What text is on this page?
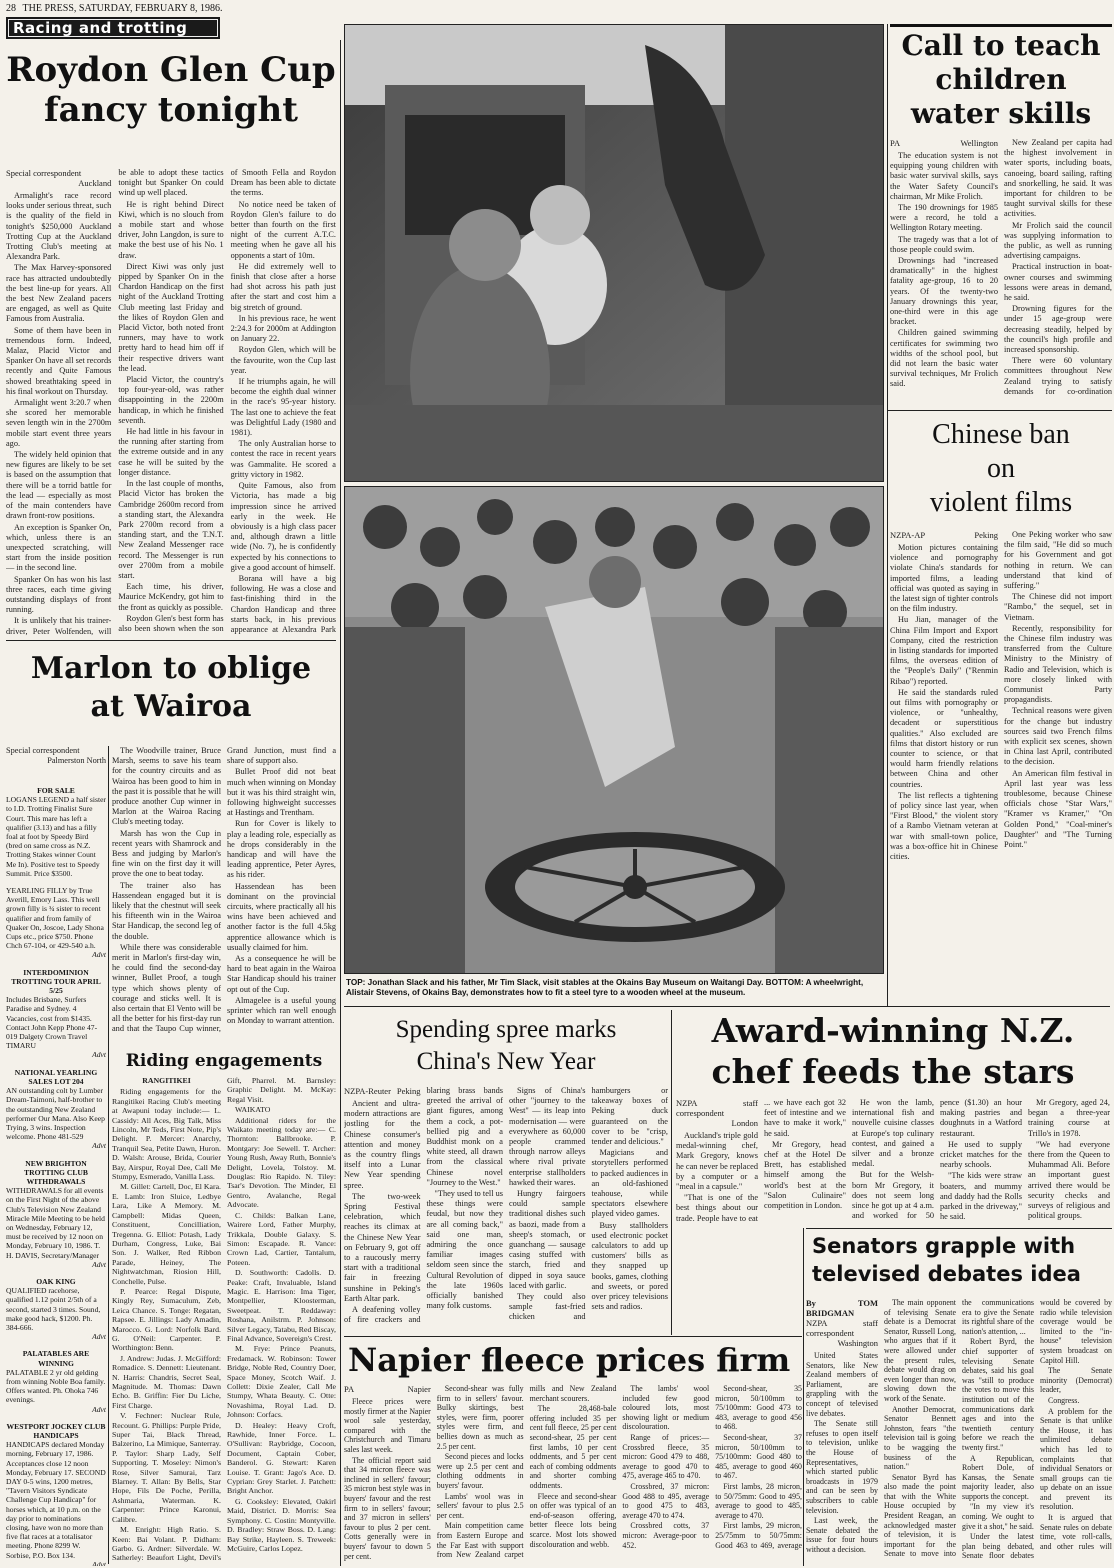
28 THE PRESS, SATURDAY, FEBRUARY 8, 1986.
Racing and trotting
Roydon Glen Cup
fancy tonight
Special correspondent
Auckland

Armalight's race record looks under serious threat, such is the quality of the field in tonight's $250,000 Auckland Trotting Cup at the Auckland Trotting Club's meeting at Alexandra Park.

The Max Harvey-sponsored race has attracted undoubtedly the best line-up for years. All the best New Zealand pacers are engaged, as well as Quite Famous from Australia.

Some of them have been in tremendous form. Indeed, Malaz, Placid Victor and Spanker On have all set records recently and Quite Famous showed breathtaking speed in his final workout on Thursday.

Armalight went 3:20.7 when she scored her memorable seven length win in the 2700m mobile start event three years ago.

The widely held opinion that new figures are likely to be set is based on the assumption that there will be a torrid battle for the lead — especially as most of the main contenders have drawn front-row positions.

An exception is Spanker On, which, unless there is an unexpected scratching, will start from the inside position — in the second line.

Spanker On has won his last three races, each time giving outstanding displays of front running.

It is unlikely that his trainer-driver, Peter Wolfenden, will be able to adopt these tactics tonight but Spanker On could wind up well placed.

He is right behind Direct Kiwi, which is no slouch from a mobile start and whose driver, John Langdon, is sure to make the best use of his No. 1 draw.

Direct Kiwi was only just pipped by Spanker On in the Chardon Handicap on the first night of the Auckland Trotting Club meeting last Friday and the likes of Roydon Glen and Placid Victor, both noted front runners, may have to work pretty hard to head him off if their respective drivers want the lead.

Placid Victor, the country's top four-year-old, was rather disappointing in the 2200m handicap, in which he finished seventh.

He had little in his favour in the running after starting from the extreme outside and in any case he will be suited by the longer distance.

In the last couple of months, Placid Victor has broken the Cambridge 2600m record from a standing start, the Alexandra Park 2700m record from a standing start, and the T.N.T. New Zealand Messenger race record. The Messenger is run over 2700m from a mobile start.

Each time, his driver, Maurice McKendry, got him to the front as quickly as possible.

Roydon Glen's best form has also been shown when the son of Smooth Fella and Roydon Dream has been able to dictate the terms.

No notice need be taken of Roydon Glen's failure to do better than fourth on the first night of the current A.T.C. meeting when he gave all his opponents a start of 10m.

He did extremely well to finish that close after a horse had shot across his path just after the start and cost him a big stretch of ground.

In his previous race, he went 2:24.3 for 2000m at Addington on January 22.

Roydon Glen, which will be the favourite, won the Cup last year.

If he triumphs again, he will become the eighth dual winner in the race's 95-year history. The last one to achieve the feat was Delightful Lady (1980 and 1981).

The only Australian horse to contest the race in recent years was Gammalite. He scored a gritty victory in 1982.

Quite Famous, also from Victoria, has made a big impression since he arrived early in the week. He obviously is a high class pacer and, although drawn a little wide (No. 7), he is confidently expected by his connections to give a good account of himself.

Borana will have a big following. He was a close and fast-finishing third in the Chardon Handicap and three starts back, in his previous appearance at Alexandra Park

Marlon to oblige
at Wairoa
Special correspondent
Palmerston North
FOR SALE
LOGANS LEGEND a half sister to I.D. Trotting Finalist Sure Court. This mare has left a qualifier (3.13) and has a filly foal at foot by Speedy Bird (bred on same cross as N.Z. Trotting Stakes winner Count Me In). Positive test to Speedy Summit. Price $3500.
YEARLING FILLY by True Averill, Emory Lass. This well grown filly is ¾ sister to recent qualifier and from family of Quaker On, Joscoe, Lady Shona Cups etc., price $750. Phone Chch 67-104, or 429-540 a.h.
Advt
INTERDOMINION TROTTING TOUR APRIL 5/25
Includes Brisbane, Surfers Paradise and Sydney. 4 Vacancies, cost from $1435. Contact John Kepp Phone 47-019 Dalgety Crown Travel TIMARU
Advt
NATIONAL YEARLING SALES LOT 204
AN outstanding colt by Lumber Dream-Taimoni, half-brother to the outstanding New Zealand performer Our Mana. Also Keep Trying, 3 wins. Inspection welcome. Phone 481-529
Advt
NEW BRIGHTON TROTTING CLUB WITHDRAWALS
WITHDRAWALS for all events on the First Night of the above Club's Television New Zealand Miracle Mile Meeting to be held on Wednesday, February 12, must be received by 12 noon on Monday, February 10, 1986. T. H. DAVIS, Secretary/Manager
Advt
OAK KING
QUALIFIED racehorse, qualified 1.12 point 2/5th of a second, started 3 times. Sound, make good hack, $1200. Ph. 384-666.
Advt
PALATABLES ARE WINNING
PALATABLE 2 yr old gelding from winning Noble Boa family. Offers wanted. Ph. Ohoka 746 evenings.
Advt
WESTPORT JOCKEY CLUB HANDICAPS
HANDICAPS declared Monday morning, February 17, 1986. Acceptances close 12 noon Monday, February 17. SECOND DAY 0-5 wins, 1200 metres, "Tavern Visitors Syndicate Challenge Cup Handicap" for horses which, at 10 p.m. on the day prior to nominations closing, have won no more than five flat races at a totalisator meeting. Phone 8299 W. Sorbise, P.O. Box 134.
Advt

The Woodville trainer, Bruce Marsh, seems to save his team for the country circuits and as Wairoa has been good to him in the past it is possible that he will produce another Cup winner in Marlon at the Wairoa Racing Club's meeting today.

Marsh has won the Cup in recent years with Shamrock and Bess and judging by Marlon's fine win on the first day it will prove the one to beat today.

The trainer also has Hassendean engaged but it is likely that the chestnut will seek his fifteenth win in the Wairoa Star Handicap, the second leg of the double.

While there was considerable merit in Marlon's first-day win, he could find the second-day winner, Bullet Proof, a tough type which shows plenty of courage and sticks well. It is also certain that El Vento will be all the better for his first-day run and that the Taupo Cup winner, Grand Junction, must find a share of support also.

Bullet Proof did not beat much when winning on Monday but it was his third straight win, following highweight successes at Hastings and Trentham.

Run for Cover is likely to play a leading role, especially as he drops considerably in the handicap and will have the leading apprentice, Peter Ayres, as his rider.

Hassendean has been dominant on the provincial circuits, where practically all his wins have been achieved and another factor is the full 4.5kg apprentice allowance which is usually claimed for him.

As a consequence he will be hard to beat again in the Wairoa Star Handicap should his trainer opt out of the Cup.

Almagelee is a useful young sprinter which ran well enough on Monday to warrant attention.

Riding engagements
RANGITIKEI

Riding engagements for the Rangitikei Racing Club's meeting at Awapuni today include:— L. Cassidy: All Aces, Big Talk, Miss Lincoln, Mr Teds, First Note, Pip's Delight. P. Mercer: Anarchy, Tranquil Sea, Petite Dawn, Huron. D. Walsh: Arouse, Brida, Courier Bay, Airspur, Royal Dee, Call Me Stumpy, Esmerado, Vanilla Lass.

M. Gillet: Cartell, Doc, El Kara. E. Lamb: Iron Sluice, Ledbye Lara, Like A Memory. M. Campbell: Midas Queen, Constituent, Concilliation, Tregenna. G. Elliot: Potash, Lady Durham, Congress, Luke, Bai Son. J. Walker, Red Ribbon Parade, Heiney, The Nightwatchman, Riosion Hill, Conchelle, Pulse.

P. Pearce: Regal Dispute, Kingly Rey, Sumaculum, Zeb, Leica Chance. S. Tonge: Regatan, Rapsee. E. Jillings: Lady Amadin, Marocco. G. Lord: Norfolk Bard. G. O'Neil: Carpenter. P. Worthington: Benn.

J. Andrew: Judas. J. McGifford: Romadice. S. Dennett: Lieutenant. N. Harris: Chandris, Secret Seal, Magnitude. M. Thomas: Dawn Echo. B. Griffin: Fier Du Liche, First Charge.

V. Fechner: Nuclear Rule, Recount. G. Phillips: Purple Pride, Super Tai, Black Thread, Balzerino, La Mimique, Santerray. P. Taylor: Sharp Lady, Self Supporting. T. Moseley: Nimon's Rose, Silver Samurai, Tarz Blarney. T. Allan: By Bells, Star Hope, Fils De Poche, Perilla, Ashmaria, Waterman. K. Carpenter: Prince Karonui, Calibre.

M. Enright: High Ratio. S. Keen: Bai Volant. P. Didham: Garbo. G. Ardner: Silverdale. W. Satherley: Beaufort Light, Devil's Gift, Pharrel. M. Barnsley: Graphic Delight. M. McKay: Regal Visit.

WAIKATO

Additional riders for the Waikato meeting today are:— C. Thornton: Ballbrooke. P. Montgary: Joe Sewell. T. Archer: Young Rush, Away Ruth, Bonnie's Delight, Lovela, Tolstoy. M. Douglas: Rio Rapido. N. Tiley: Tsar's Devotion. The Minder, El Gentro, Avalanche, Regal Advocate.

C. Childs: Balkan Lane, Wairere Lord, Father Murphy, Trikkala, Double Galaxy. S. Simon: Escapade. R. Vance: Crown Lad, Cartier, Tantalum, Poteen.

D. Southworth: Cadolls. D. Peake: Craft, Invaluable, Island Magic. E. Harrison: Ima Tiger, Montpellier, Kloosterman, Sweetpeat. T. Reddaway: Roshana, Anilstrm. P. Johnson: Silver Legacy, Tatabu, Red Biscay, Final Advance, Sovereign's Crest.

M. Frye: Prince Peanuts, Fredamack. W. Robinson: Tower Bridge, Noble Red, Country Doer, Space Money, Scotch Waif. J. Collett: Dixie Zealer, Call Me Stumpy, Whata Beauty. C. Otte: Novashima, Royal Lad. D. Johnson: Corfacs.

D. Healey: Heavy Croft, Rawhide, Inner Force. L. O'Sullivan: Raybridge, Cocoon, Document, Captain Cober, Banderol. G. Stewart: Karen Louise. T. Grant: Jago's Ace. D. Cyprian: Grey Starlet. J. Patchett: Bright Anchor.

G. Cooksley: Elevated, Oakirl Maid, District. D. Morris: Sea Symphony. C. Costin: Montyville. D. Bradley: Straw Boss. D. Lang: Bay Strike, Hayleen. S. Treweek: McGuire, Carlos Lopez.

TOP: Jonathan Slack and his father, Mr Tim Slack, visit stables at the Okains Bay Museum on Waitangi Day. BOTTOM: A wheelwright, Alistair Stevens, of Okains Bay, demonstrates how to fit a steel tyre to a wooden wheel at the museum.
Call to teach
children
water skills
PA	Wellington

The education system is not equipping young children with basic water survival skills, says the Water Safety Council's chairman, Mr Mike Frolich.

The 190 drownings for 1985 were a record, he told a Wellington Rotary meeting.

The tragedy was that a lot of those people could swim.

Drownings had "increased dramatically" in the highest fatality age-group, 16 to 20 years. Of the twenty-two January drownings this year, one-third were in this age bracket.

Children gained swimming certificates for swimming two widths of the school pool, but did not learn the basic water survival techniques, Mr Frolich said.

New Zealand per capita had the highest involvement in water sports, including boats, canoeing, board sailing, rafting and snorkelling, he said. It was important for children to be taught survival skills for these activities.

Mr Frolich said the council was supplying information to the public, as well as running advertising campaigns.

Practical instruction in boat-owner courses and swimming lessons were areas in demand, he said.

Drowning figures for the under 15 age-group were decreasing steadily, helped by the council's high profile and increased sponsorship.

There were 60 voluntary committees throughout New Zealand trying to satisfy demands for co-ordination

Chinese ban
on
violent films
NZPA-AP	Peking

Motion pictures containing violence and pornography violate China's standards for imported films, a leading official was quoted as saying in the latest sign of tighter controls on the film industry.

Hu Jian, manager of the China Film Import and Export Company, cited the restriction in listing standards for imported films, the overseas edition of the "People's Daily" ("Renmin Ribao") reported.

He said the standards ruled out films with pornography or violence, or "unhealthy, decadent or superstitious qualities." Also excluded are films that distort history or run counter to science, or that would harm friendly relations between China and other countries.

The list reflects a tightening of policy since last year, when "First Blood," the violent story of a Rambo Vietnam veteran at war with small-town police, was a box-office hit in Chinese cities.

One Peking worker who saw the film said, "He did so much for his Government and got nothing in return. We can understand that kind of suffering."

The Chinese did not import "Rambo," the sequel, set in Vietnam.

Recently, responsibility for the Chinese film industry was transferred from the Culture Ministry to the Ministry of Radio and Television, which is more closely linked with Communist Party propagandists.

Technical reasons were given for the change but industry sources said two French films with explicit sex scenes, shown in China last April, contributed to the decision.

An American film festival in April last year was less troublesome, because Chinese officials chose "Star Wars," "Kramer vs Kramer," "On Golden Pond," "Coal-miner's Daughter" and "The Turning Point."

Spending spree marks
China's New Year
NZPA-Reuter Peking

Ancient and ultra-modern attractions are jostling for the Chinese consumer's attention and money as the country flings itself into a Lunar New Year spending spree.

The two-week Spring Festival celebration, which reaches its climax at the Chinese New Year on February 9, got off to a raucously merry start with a traditional fair in freezing sunshine in Peking's Earth Altar park.

A deafening volley of fire crackers and blaring brass bands greeted the arrival of giant figures, among them a cock, a pot-bellied pig and a Buddhist monk on a white steed, all drawn from the classical Chinese novel "Journey to the West."

"They used to tell us these things were feudal, but now they are all coming back," said one man, admiring the once familiar images seldom seen since the Cultural Revolution of the late 1960s officially banished many folk customs.

Signs of China's other "journey to the West" — its leap into modernisation — were everywhere as 60,000 people crammed through narrow alleys where rival private enterprise stallholders hawked their wares.

Hungry fairgoers could sample traditional dishes such as baozi, made from a sheep's stomach, or guanchang — sausage casing stuffed with starch, fried and dipped in soya sauce laced with garlic.

They could also sample fast-fried chicken and hamburgers or takeaway boxes of Peking duck guaranteed on the cover to be "crisp, tender and delicious."

Magicians and storytellers performed to packed audiences in an old-fashioned teahouse, while spectators elsewhere played video games.

Busy stallholders used electronic pocket calculators to add up customers' bills as they snapped up books, games, clothing and sweets, or pored over pricey televisions sets and radios.

Award-winning N.Z.
chef feeds the stars
NZPA staff correspondent
London

Auckland's triple gold medal-winning chef, Mark Gregory, knows he can never be replaced by a computer or a "meal in a capsule."

"That is one of the best things about our trade. People have to eat ... we have each got 32 feet of intestine and we have to make it work," he said.

Mr Gregory, head chef at the Hotel De Brett, has established himself among the world's best at the "Salon Culinaire" competition in London.

He won the lamb, international fish and nouvelle cuisine classes at Europe's top culinary contest, and gained a silver and a bronze medal.

But for the Welsh-born Mr Gregory, it does not seem long since he got up at 4 a.m. and worked for 50 pence ($1.30) an hour making pastries and doughnuts in a Watford restaurant.

He used to supply cricket matches for the nearby schools.

"The kids were straw boaters, and mummy and daddy had the Rolls parked in the driveway," he said.

Mr Gregory, aged 24, began a three-year training course at Trillo's in 1978.

"We had everyone there from the Queen to Muhammad Ali. Before an important guest arrived there would be security checks and surveys of religious and political groups.

Senators grapple with
televised debates idea
By TOM BRIDGMAN
NZPA staff correspondent
Washington

United States Senators, like New Zealand members of Parliament, are grappling with the concept of televised live debates.

The Senate still refuses to open itself to television, unlike the House of Representatives, which started public broadcasts in 1979 and can be seen by subscribers to cable television.

Last week, the Senate debated the issue for four hours without a decision.

The main opponent of televising Senate debate is a Democrat Senator, Russell Long, who argues that if it were allowed under the present rules, debate would drag on even longer than now, slowing down the work of the Senate.

Another Democrat, Senator Bennett Johnston, fears "the television tail is going to be wagging the business of the nation."

Senator Byrd has also made the point that with the White House occupied by President Reagan, an acknowledged master of television, it is important for the Senate to move into the communications era to give the Senate its rightful share of the nation's attention, ...

Robert Byrd, the chief supporter of televising Senate debates, said his goal was "still to produce the votes to move this institution out of the communications dark ages and into the twentieth century before we reach the twenty first."

A Republican, Robert Dole, of Kansas, the Senate majority leader, also supports the concept.

"In my view it's coming. We ought to give it a shot," he said.

Under the latest plan being debated, Senate floor debates would be covered by radio while television coverage would be limited to the "in-house" television system broadcast on Capitol Hill.

The Senate minority (Democrat) leader,

Congress.

A problem for the Senate is that unlike the House, it has unlimited debate which has led to complaints that individual Senators or small groups can tie up debate on an issue and prevent its resolution.

It is argued that Senate rules on debate time, vote roll-calls, and other rules will

Napier fleece prices firm
PA	Napier

Fleece prices were mostly firmer at the Napier wool sale yesterday, compared with the Christchurch and Timaru sales last week.

The official report said that 34 micron fleece was inclined in sellers' favour; 35 micron best style was in buyers' favour and the rest firm to in sellers' favour; and 37 micron in sellers' favour to plus 2 per cent. Cotts generally were in buyers' favour to down 5 per cent.

Second-shear was fully firm to in sellers' favour. Bulky skirtings, best styles, were firm, poorer styles were firm, and bellies down as much as 2.5 per cent.

Second pieces and locks were up 2.5 per cent and clothing oddments in buyers' favour.

Lambs' wool was in sellers' favour to plus 2.5 per cent.

Main competition came from Eastern Europe and the Far East with support from New Zealand carpet mills and New Zealand merchant scourers.

The 28,468-bale offering included 35 per cent full fleece, 25 per cent second-shear, 25 per cent first lambs, 10 per cent oddments, and 5 per cent each of combing oddments and shorter combing oddments.

Fleece and second-shear on offer was typical of an end-of-season offering, better fleece lots being scarce. Most lots showed discolouration and webb.

The lambs' wool included few good coloured lots, most showing light or medium discolouration.

Range of prices:— Crossbred fleece, 35 micron: Good 479 to 488, average to good 470 to 475, average 465 to 470.

Crossbred, 37 micron: Good 488 to 495, average to good 475 to 483, average 470 to 474.

Crossbred cotts, 37 micron: Average-poor to 452.

Second-shear, 35 micron, 50/100mm to 75/100mm: Good 473 to 483, average to good 456 to 468.

Second-shear, 37 micron, 50/100mm to 75/100mm: Good 480 to 485, average to good 460 to 467.

First lambs, 28 micron, to 50/75mm: Good to 495, average to good to 485, average to 470.

First lambs, 29 micron, 25/75mm to 50/75mm: Good 463 to 469, average
